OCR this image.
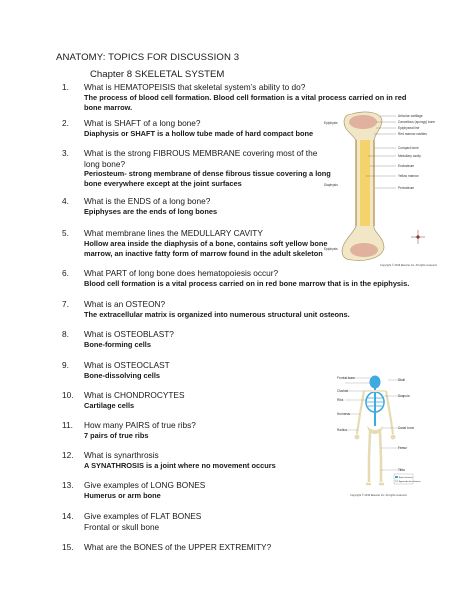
ANATOMY: TOPICS FOR DISCUSSION 3
Chapter 8 SKELETAL SYSTEM
1.	What is HEMATOPEISIS that skeletal system’s ability to do?
The process of blood cell formation. Blood cell formation is a vital process carried on in red bone marrow.
2.	What is SHAFT of a long bone?
Diaphysis or SHAFT is a hollow tube made of hard compact bone
3.	What is the strong FIBROUS MEMBRANE covering most of the long bone?
Periosteum- strong membrane of dense fibrous tissue covering a long bone everywhere except at the joint surfaces
4.	What is the ENDS of a long bone?
Epiphyses are the ends of long bones
5.	What membrane lines the MEDULLARY CAVITY
Hollow area inside the diaphysis of a bone, contains soft yellow bone marrow, an inactive fatty form of marrow found in the adult skeleton
6.	What PART of long bone does hematopoiesis occur?
Blood cell formation is a vital process carried on in red bone marrow that is in the epiphysis.
7.	What is an OSTEON?
The extracellular matrix is organized into numerous structural unit osteons.
8.	What is OSTEOBLAST?
Bone-forming cells
9.	What is OSTEOCLAST
Bone-dissolving cells
10.	What is CHONDROCYTES
Cartilage cells
11.	How many PAIRS of true ribs?
7 pairs of true ribs
12.	What is synarthrosis
A SYNATHROSIS is a joint where no movement occurs
13.	Give examples of LONG BONES
Humerus or arm bone
14.	Give examples of FLAT BONES
Frontal or skull bone
15.	What are the BONES of the UPPER EXTREMITY?
Epiphysis
Diaphysis
Epiphysis
Articular cartilage
Cancellous (spongy) bone
Epiphyseal line
Red marrow cavities
Compact bone
Medullary cavity
Endosteum
Yellow marrow
Periosteum
Copyright © 2016 Elsevier Inc. All rights reserved.
Frontal bone
Clavicle
Ribs
Humerus
Radius
Skull
Scapula
Coxal bone
Femur
Tibia
Axial skeleton
Appendicular skeleton
Copyright © 2016 Elsevier Inc. All rights reserved.
